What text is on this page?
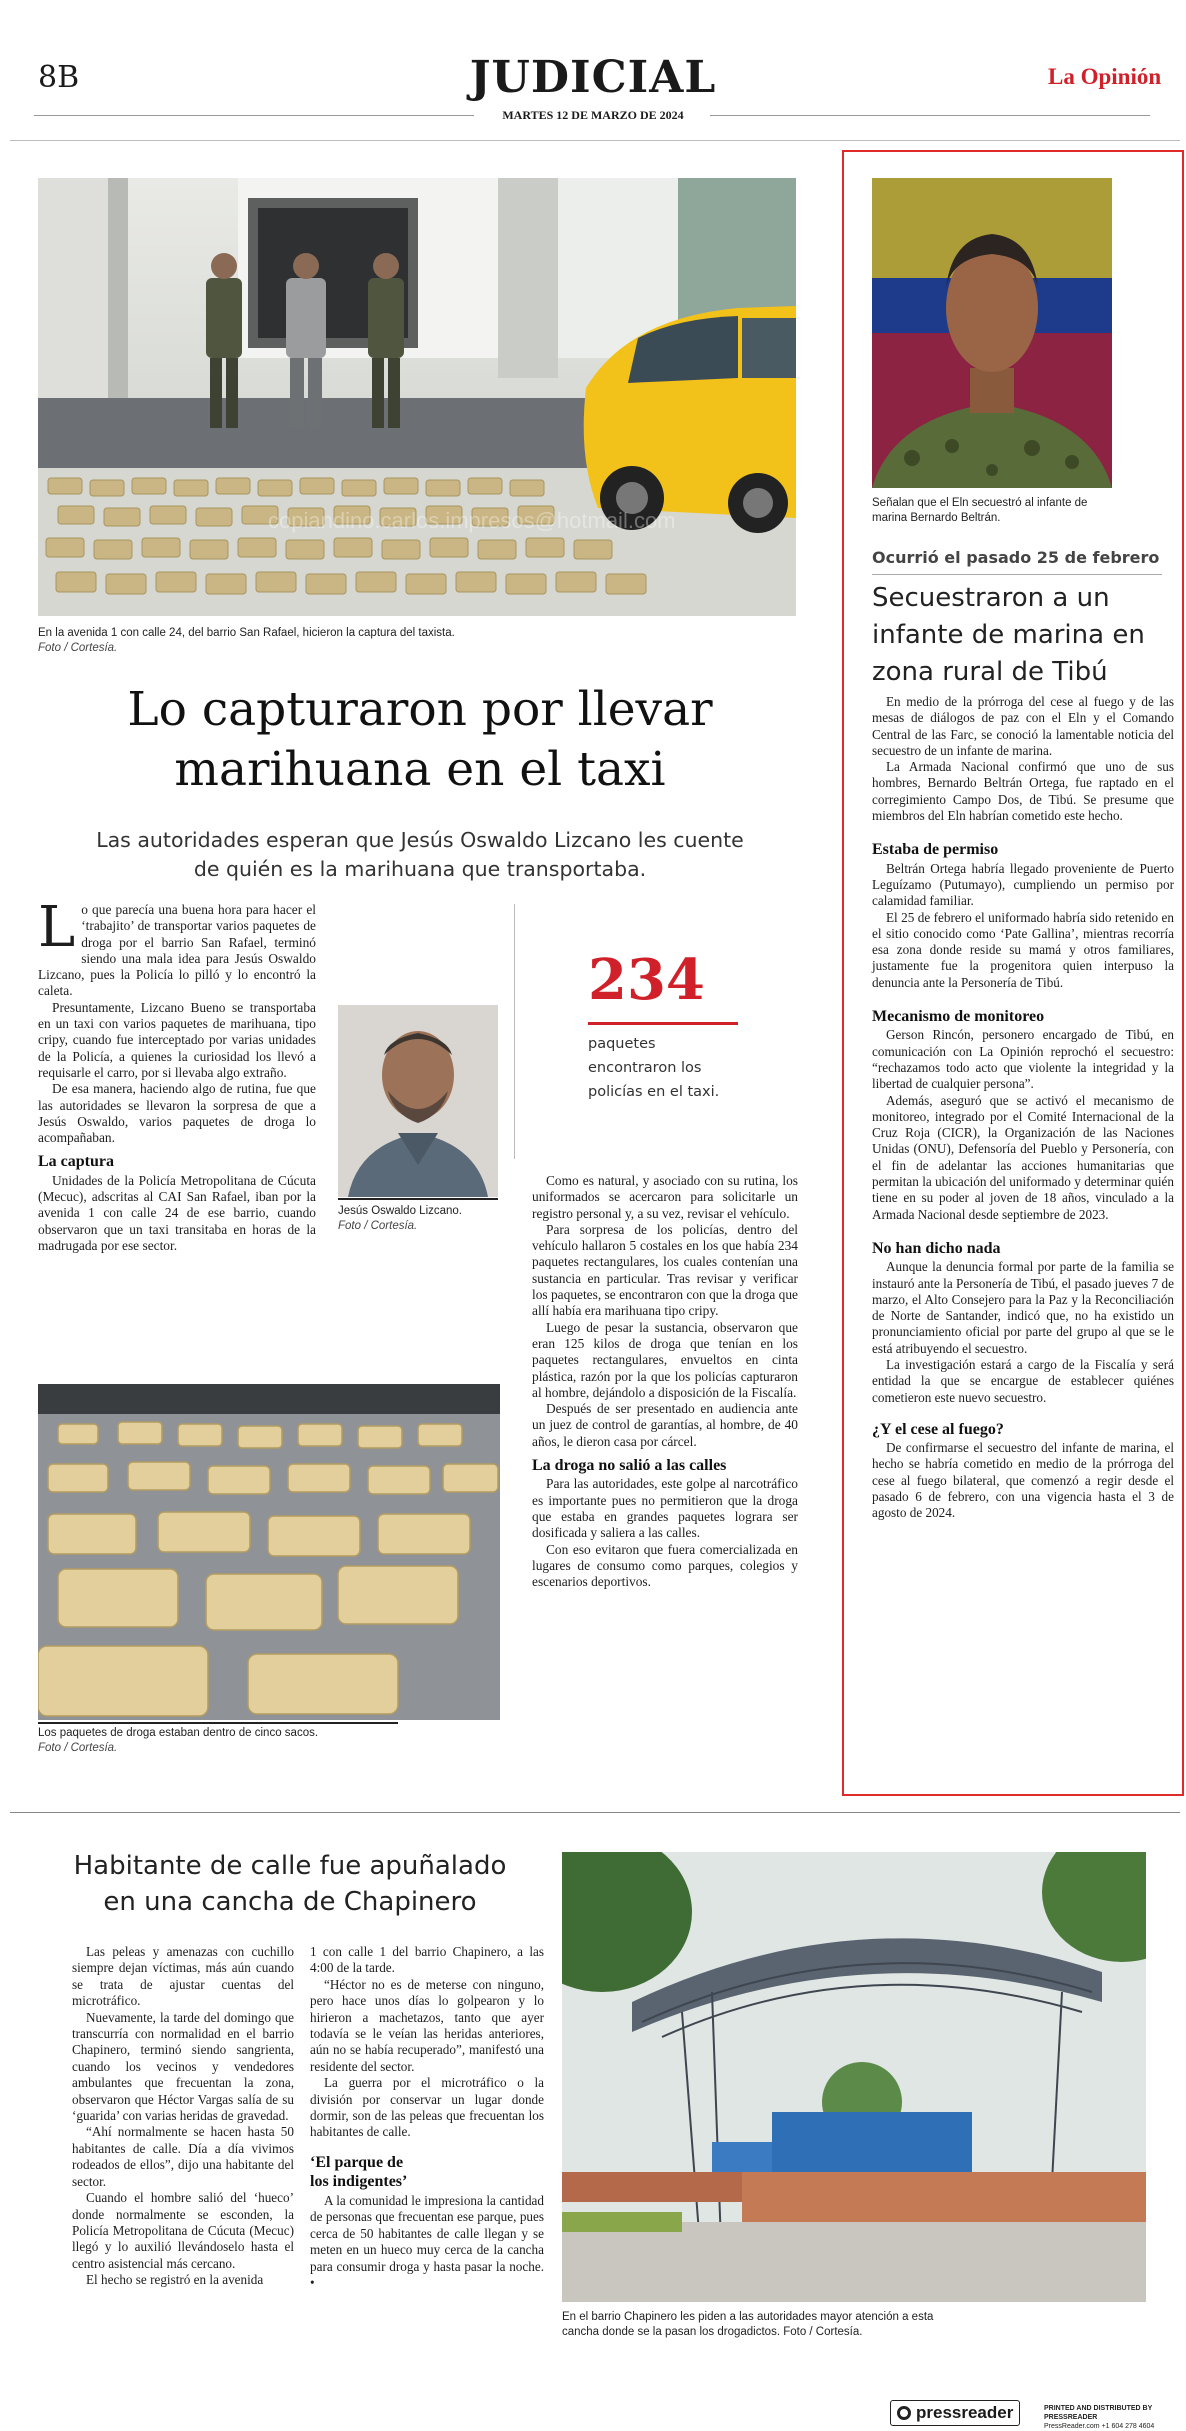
8B	JUDICIAL
MARTES 12 DE MARZO DE 2024
La Opinión
copiandino.carlos.impresos@hotmail.com
En la avenida 1 con calle 24, del barrio San Rafael, hicieron la captura del taxista.
Foto / Cortesía.
Lo capturaron por llevar
marihuana en el taxi
Las autoridades esperan que Jesús Oswaldo Lizcano les cuente
de quién es la marihuana que transportaba.

Lo que parecía una buena hora para hacer el ‘trabajito’ de transportar varios paquetes de droga por el barrio San Rafael, terminó siendo una mala idea para Jesús Oswaldo Lizcano, pues la Policía lo pilló y lo encontró la caleta.

Presuntamente, Lizcano Bueno se transportaba en un taxi con varios paquetes de marihuana, tipo cripy, cuando fue interceptado por varias unidades de la Policía, a quienes la curiosidad los llevó a requisarle el carro, por si llevaba algo extraño.

De esa manera, haciendo algo de rutina, fue que las autoridades se llevaron la sorpresa de que a Jesús Oswaldo, varios paquetes de droga lo acompañaban.

La captura

Unidades de la Policía Metropolitana de Cúcuta (Mecuc), adscritas al CAI San Rafael, iban por la avenida 1 con calle 24 de ese barrio, cuando observaron que un taxi transitaba en horas de la madrugada por ese sector.

Jesús Oswaldo Lizcano.
Foto / Cortesía.
234
paquetes
encontraron los
policías en el taxi.
Los paquetes de droga estaban dentro de cinco sacos.
Foto / Cortesía.

Como es natural, y asociado con su rutina, los uniformados se acercaron para solicitarle un registro personal y, a su vez, revisar el vehículo.

Para sorpresa de los policías, dentro del vehículo hallaron 5 costales en los que había 234 paquetes rectangulares, los cuales contenían una sustancia en particular. Tras revisar y verificar los paquetes, se encontraron con que la droga que allí había era marihuana tipo cripy.

Luego de pesar la sustancia, observaron que eran 125 kilos de droga que tenían en los paquetes rectangulares, envueltos en cinta plástica, razón por la que los policías capturaron al hombre, dejándolo a disposición de la Fiscalía.

Después de ser presentado en audiencia ante un juez de control de garantías, al hombre, de 40 años, le dieron casa por cárcel.

La droga no salió a las calles

Para las autoridades, este golpe al narcotráfico es importante pues no permitieron que la droga que estaba en grandes paquetes lograra ser dosificada y saliera a las calles.

Con eso evitaron que fuera comercializada en lugares de consumo como parques, colegios y escenarios deportivos.

Señalan que el Eln secuestró al infante de
marina Bernardo Beltrán.
Ocurrió el pasado 25 de febrero
Secuestraron a un
infante de marina en
zona rural de Tibú

En medio de la prórroga del cese al fuego y de las mesas de diálogos de paz con el Eln y el Comando Central de las Farc, se conoció la lamentable noticia del secuestro de un infante de marina.

La Armada Nacional confirmó que uno de sus hombres, Bernardo Beltrán Ortega, fue raptado en el corregimiento Campo Dos, de Tibú. Se presume que miembros del Eln habrían cometido este hecho.

Estaba de permiso

Beltrán Ortega habría llegado proveniente de Puerto Leguízamo (Putumayo), cumpliendo un permiso por calamidad familiar.

El 25 de febrero el uniformado habría sido retenido en el sitio conocido como ‘Pate Gallina’, mientras recorría esa zona donde reside su mamá y otros familiares, justamente fue la progenitora quien interpuso la denuncia ante la Personería de Tibú.

Mecanismo de monitoreo

Gerson Rincón, personero encargado de Tibú, en comunicación con La Opinión reprochó el secuestro: “rechazamos todo acto que violente la integridad y la libertad de cualquier persona”.

Además, aseguró que se activó el mecanismo de monitoreo, integrado por el Comité Internacional de la Cruz Roja (CICR), la Organización de las Naciones Unidas (ONU), Defensoría del Pueblo y Personería, con el fin de adelantar las acciones humanitarias que permitan la ubicación del uniformado y determinar quién tiene en su poder al joven de 18 años, vinculado a la Armada Nacional desde septiembre de 2023.

No han dicho nada

Aunque la denuncia formal por parte de la familia se instauró ante la Personería de Tibú, el pasado jueves 7 de marzo, el Alto Consejero para la Paz y la Reconciliación de Norte de Santander, indicó que, no ha existido un pronunciamiento oficial por parte del grupo al que se le está atribuyendo el secuestro.

La investigación estará a cargo de la Fiscalía y será entidad la que se encargue de establecer quiénes cometieron este nuevo secuestro.

¿Y el cese al fuego?

De confirmarse el secuestro del infante de marina, el hecho se habría cometido en medio de la prórroga del cese al fuego bilateral, que comenzó a regir desde el pasado 6 de febrero, con una vigencia hasta el 3 de agosto de 2024.

Habitante de calle fue apuñalado
en una cancha de Chapinero

Las peleas y amenazas con cuchillo siempre dejan víctimas, más aún cuando se trata de ajustar cuentas del microtráfico.

Nuevamente, la tarde del domingo que transcurría con normalidad en el barrio Chapinero, terminó siendo sangrienta, cuando los vecinos y vendedores ambulantes que frecuentan la zona, observaron que Héctor Vargas salía de su ‘guarida’ con varias heridas de gravedad.

“Ahí normalmente se hacen hasta 50 habitantes de calle. Día a día vivimos rodeados de ellos”, dijo una habitante del sector.

Cuando el hombre salió del ‘hueco’ donde normalmente se esconden, la Policía Metropolitana de Cúcuta (Mecuc) llegó y lo auxilió llevándoselo hasta el centro asistencial más cercano.

El hecho se registró en la avenida

1 con calle 1 del barrio Chapinero, a las 4:00 de la tarde.

“Héctor no es de meterse con ninguno, pero hace unos días lo golpearon y lo hirieron a machetazos, tanto que ayer todavía se le veían las heridas anteriores, aún no se había recuperado”, manifestó una residente del sector.

La guerra por el microtráfico o la división por conservar un lugar donde dormir, son de las peleas que frecuentan los habitantes de calle.

‘El parque de
los indigentes’

A la comunidad le impresiona la cantidad de personas que frecuentan ese parque, pues cerca de 50 habitantes de calle llegan y se meten en un hueco muy cerca de la cancha para consumir droga y hasta pasar la noche. •

En el barrio Chapinero les piden a las autoridades mayor atención a esta
cancha donde se la pasan los drogadictos. Foto / Cortesía.
pressreader	PRINTED AND DISTRIBUTED BY PRESSREADER
PressReader.com +1 604 278 4604
